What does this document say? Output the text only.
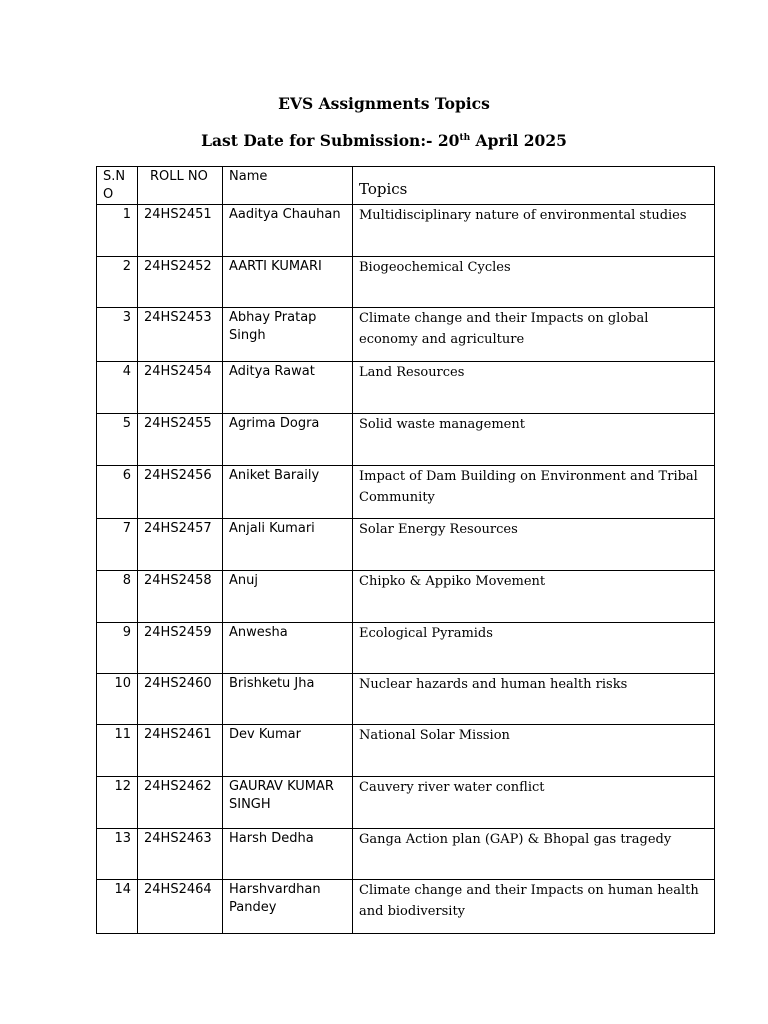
EVS Assignments Topics
Last Date for Submission:- 20th April 2025
S.NO	ROLL NO	Name	Topics
1	24HS2451	Aaditya Chauhan	Multidisciplinary nature of environmental studies
2	24HS2452	AARTI KUMARI	Biogeochemical Cycles
3	24HS2453	Abhay Pratap Singh	Climate change and their Impacts on global economy and agriculture
4	24HS2454	Aditya Rawat	Land Resources
5	24HS2455	Agrima Dogra	Solid waste management
6	24HS2456	Aniket Baraily	Impact of Dam Building on Environment and Tribal Community
7	24HS2457	Anjali Kumari	Solar Energy Resources
8	24HS2458	Anuj	Chipko & Appiko Movement
9	24HS2459	Anwesha	Ecological Pyramids
10	24HS2460	Brishketu Jha	Nuclear hazards and human health risks
11	24HS2461	Dev Kumar	National Solar Mission
12	24HS2462	GAURAV KUMAR SINGH	Cauvery river water conflict
13	24HS2463	Harsh Dedha	Ganga Action plan (GAP) & Bhopal gas tragedy
14	24HS2464	Harshvardhan Pandey	Climate change and their Impacts on human health and biodiversity
